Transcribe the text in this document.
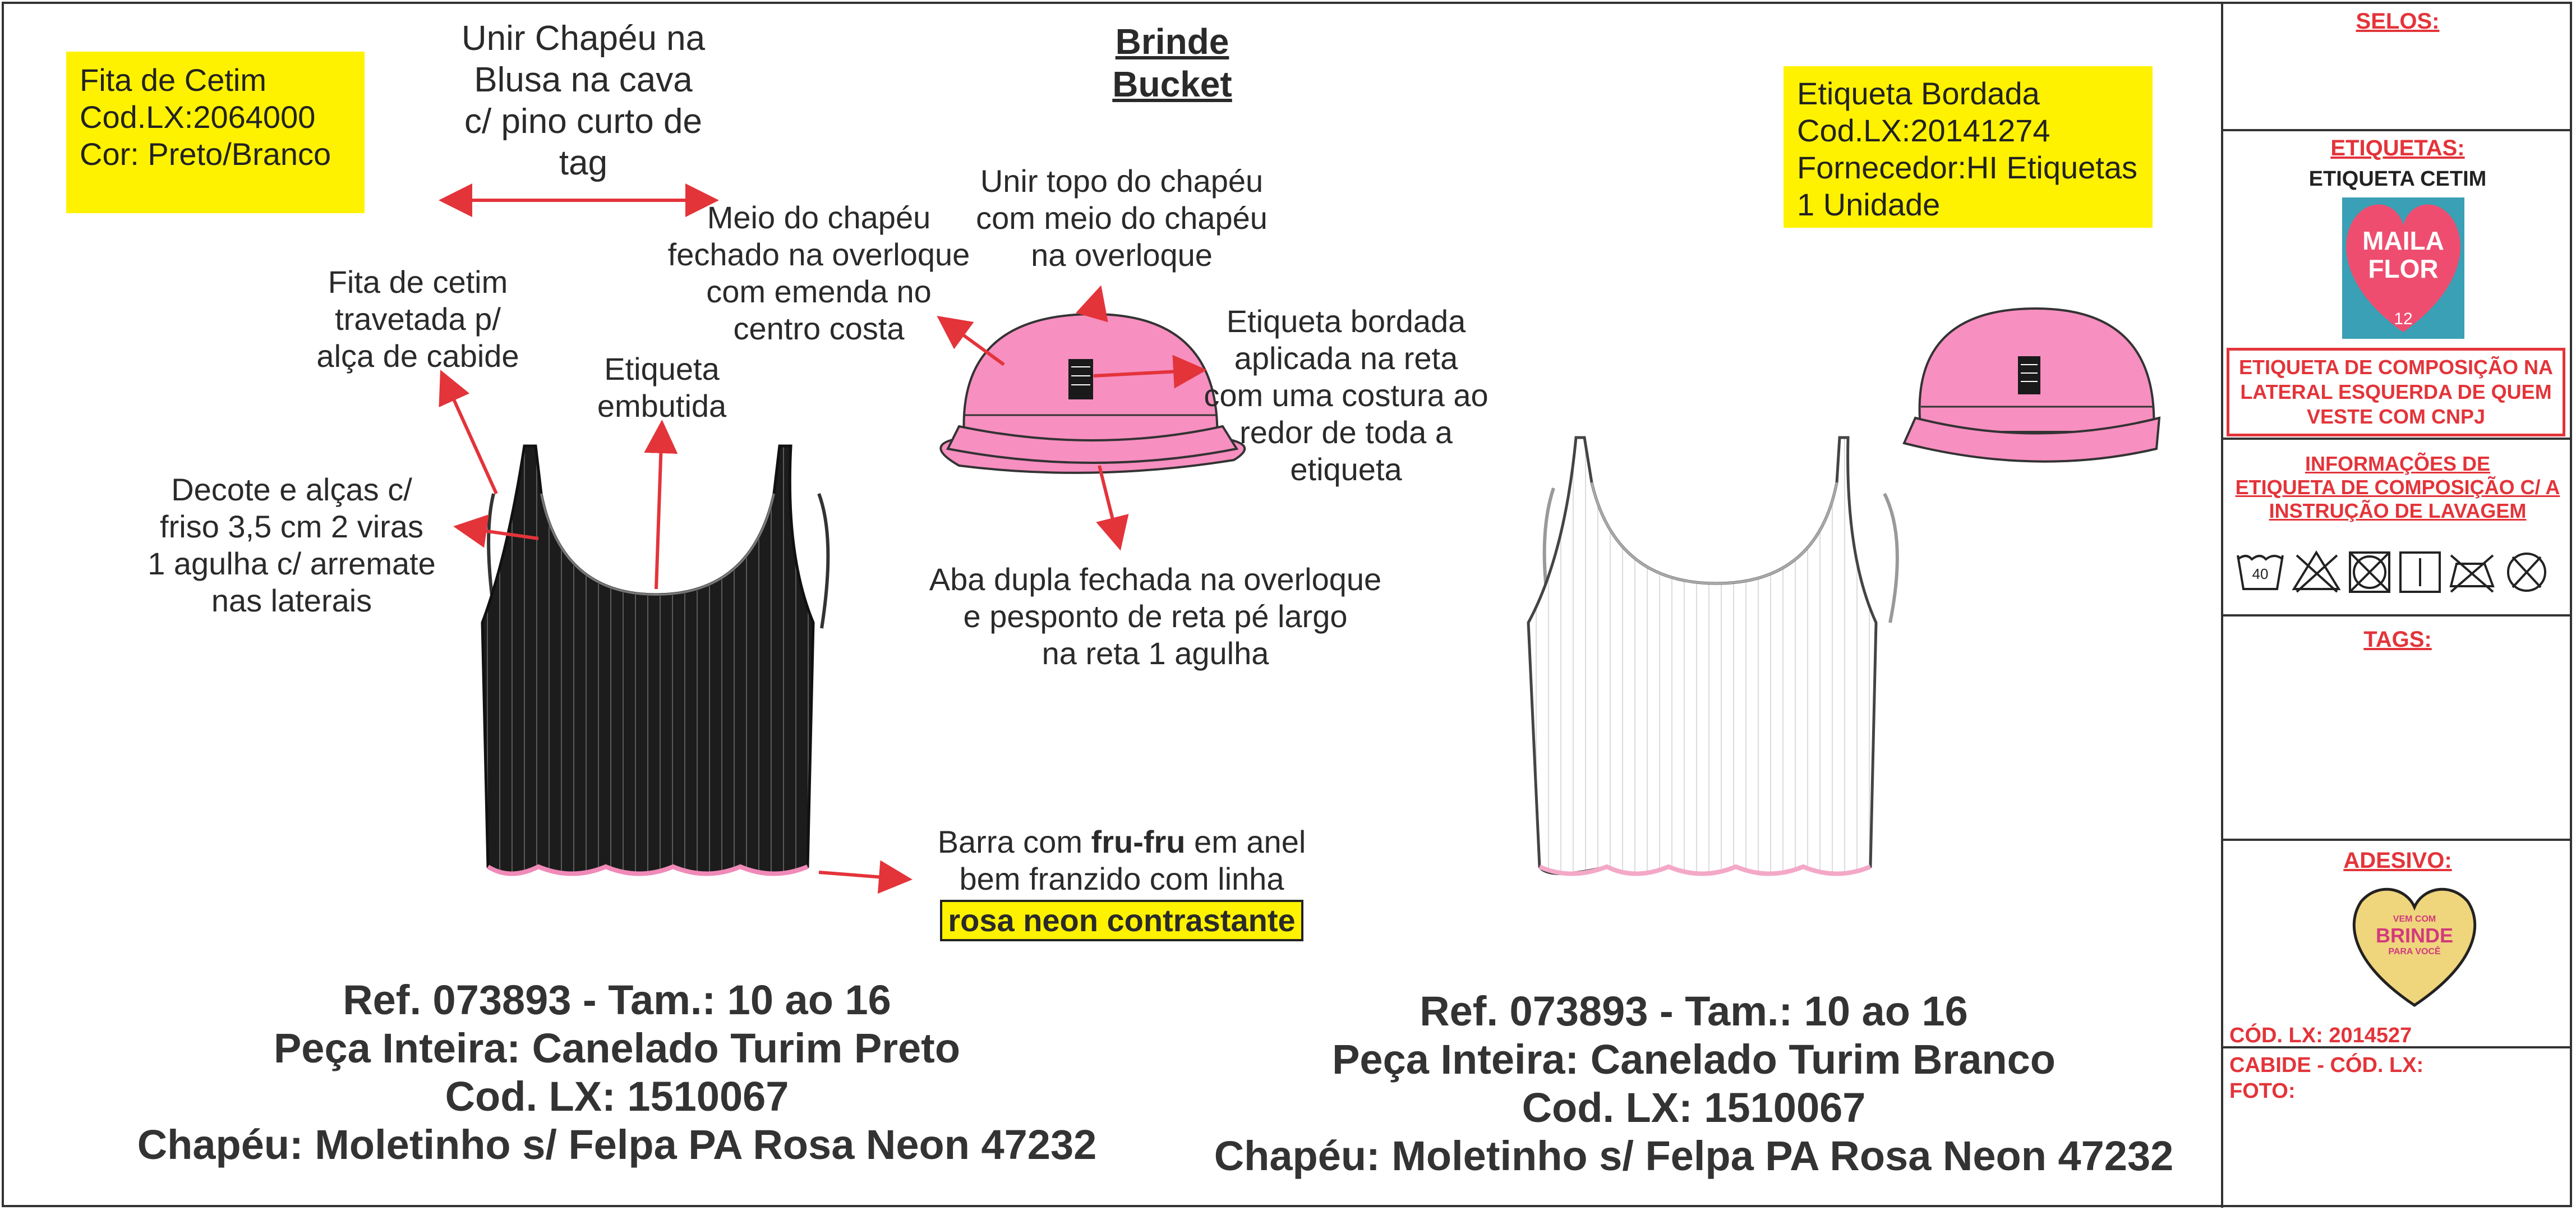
Fita de Cetim
Cod.LX:2064000
Cor: Preto/Branco
Etiqueta Bordada
Cod.LX:20141274
Fornecedor:HI Etiquetas
1 Unidade
Unir Chapéu na
Blusa na cava
c/ pino curto de
tag
Brinde
Bucket
Fita de cetim
travetada p/
alça de cabide
Meio do chapéu
fechado na overloque
com emenda no
centro costa
Unir topo do chapéu
com meio do chapéu
na overloque
Etiqueta
embutida
Etiqueta bordada
aplicada na reta
com uma costura ao
redor de toda a
etiqueta
Decote e alças c/
friso 3,5 cm 2 viras
1 agulha c/ arremate
nas laterais
Aba dupla fechada na overloque
e pesponto de reta pé largo
na reta 1 agulha
Barra com fru-fru em anel
bem franzido com linha
rosa neon contrastante
Ref. 073893 - Tam.: 10 ao 16
Peça Inteira: Canelado Turim Preto
Cod. LX: 1510067
Chapéu: Moletinho s/ Felpa PA Rosa Neon 47232
Ref. 073893 - Tam.: 10 ao 16
Peça Inteira: Canelado Turim Branco
Cod. LX: 1510067
Chapéu: Moletinho s/ Felpa PA Rosa Neon 47232
SELOS:
ETIQUETAS:
ETIQUETA CETIM
MAILA
FLOR
12
ETIQUETA DE COMPOSIÇÃO NA
LATERAL ESQUERDA DE QUEM
VESTE COM CNPJ
INFORMAÇÕES DE
ETIQUETA DE COMPOSIÇÃO C/ A
INSTRUÇÃO DE LAVAGEM
40
TAGS:
ADESIVO:
VEM COM
BRINDE
PARA VOCÊ
CÓD. LX: 2014527
CABIDE - CÓD. LX:
FOTO:
